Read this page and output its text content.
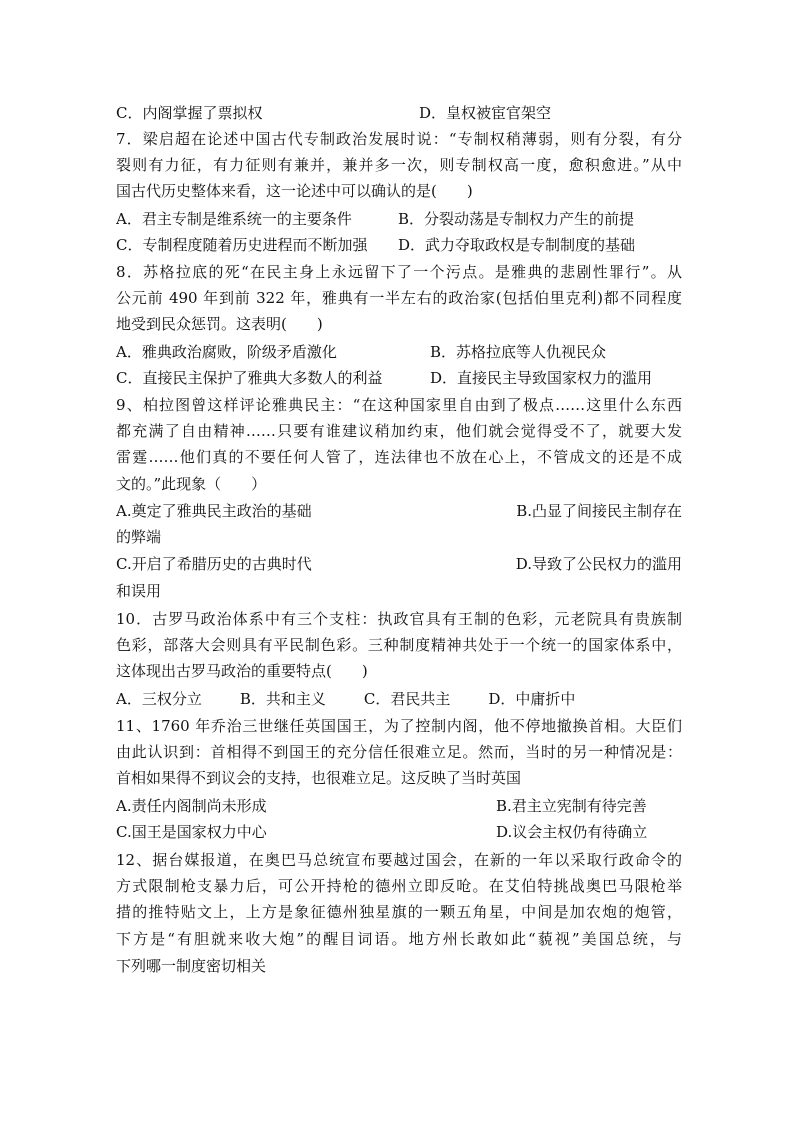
C．内阁掌握了票拟权	D．皇权被宦官架空
7．梁启超在论述中国古代专制政治发展时说：“专制权稍薄弱，则有分裂，有分
裂则有力征，有力征则有兼并，兼并多一次，则专制权高一度，愈积愈进。”从中
国古代历史整体来看，这一论述中可以确认的是(　　)
A．君主专制是维系统一的主要条件	B．分裂动荡是专制权力产生的前提
C．专制程度随着历史进程而不断加强 D．武力夺取政权是专制制度的基础
8．苏格拉底的死“在民主身上永远留下了一个污点。是雅典的悲剧性罪行”。从
公元前 490 年到前 322 年，雅典有一半左右的政治家(包括伯里克利)都不同程度
地受到民众惩罚。这表明(　　)
A．雅典政治腐败，阶级矛盾激化	B．苏格拉底等人仇视民众
C．直接民主保护了雅典大多数人的利益	D．直接民主导致国家权力的滥用
9、柏拉图曾这样评论雅典民主：“在这种国家里自由到了极点……这里什么东西
都充满了自由精神……只要有谁建议稍加约束，他们就会觉得受不了，就要大发
雷霆……他们真的不要任何人管了，连法律也不放在心上，不管成文的还是不成
文的。”此现象（　　）
A.奠定了雅典民主政治的基础	B.凸显了间接民主制存在
的弊端
C.开启了希腊历史的古典时代	D.导致了公民权力的滥用
和误用
10．古罗马政治体系中有三个支柱：执政官具有王制的色彩，元老院具有贵族制
色彩，部落大会则具有平民制色彩。三种制度精神共处于一个统一的国家体系中，
这体现出古罗马政治的重要特点(　　)
A．三权分立	B．共和主义	C．君民共主	D．中庸折中
11、1760 年乔治三世继任英国国王，为了控制内阁，他不停地撤换首相。大臣们
由此认识到：首相得不到国王的充分信任很难立足。然而，当时的另一种情况是：
首相如果得不到议会的支持，也很难立足。这反映了当时英国
A.责任内阁制尚未形成	B.君主立宪制有待完善
C.国王是国家权力中心	D.议会主权仍有待确立
12、据台媒报道，在奥巴马总统宣布要越过国会，在新的一年以采取行政命令的
方式限制枪支暴力后，可公开持枪的德州立即反呛。在艾伯特挑战奥巴马限枪举
措的推特贴文上，上方是象征德州独星旗的一颗五角星，中间是加农炮的炮管，
下方是“有胆就来收大炮”的醒目词语。地方州长敢如此“藐视”美国总统，与
下列哪一制度密切相关
